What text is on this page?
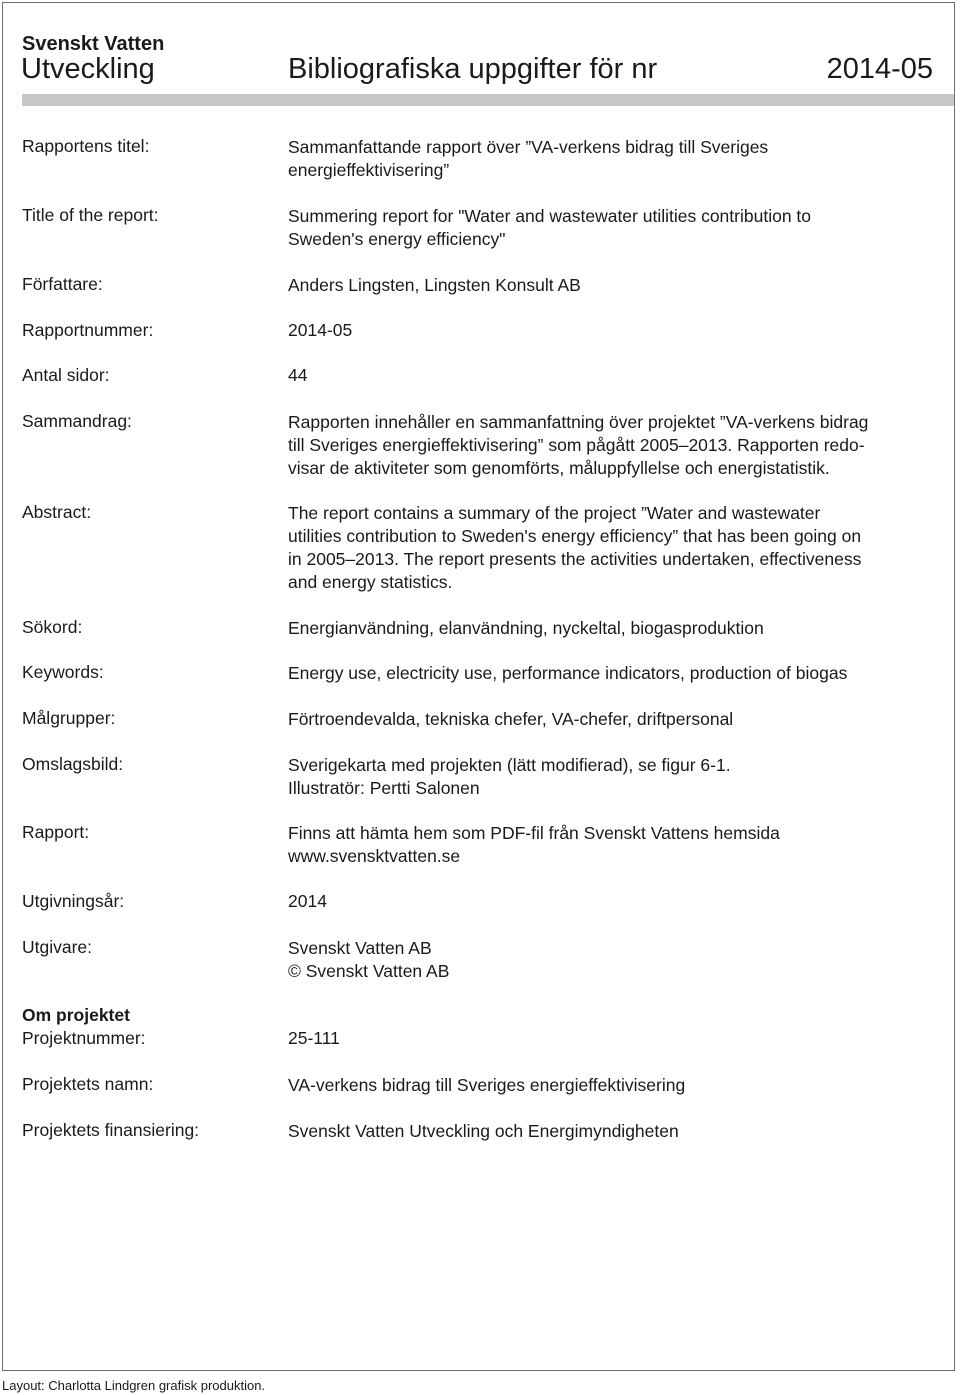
Svenskt Vatten
Utveckling	Bibliografiska uppgifter för nr	2014-05
Rapportens titel:	Sammanfattande rapport över ”VA-verkens bidrag till Sveriges
energieffektivisering”
Title of the report:	Summering report for "Water and wastewater utilities contribution to
Sweden's energy efficiency"
Författare:	Anders Lingsten, Lingsten Konsult AB
Rapportnummer:	2014-05
Antal sidor:	44
Sammandrag:	Rapporten innehåller en sammanfattning över projektet ”VA-verkens bidrag
till Sveriges energieffektivisering” som pågått 2005–2013. Rapporten redo-
visar de aktiviteter som genomförts, måluppfyllelse och energistatistik.
Abstract:	The report contains a summary of the project ”Water and wastewater
utilities contribution to Sweden's energy efficiency” that has been going on
in 2005–2013. The report presents the activities undertaken, effectiveness
and energy statistics.
Sökord:	Energianvändning, elanvändning, nyckeltal, biogasproduktion
Keywords:	Energy use, electricity use, performance indicators, production of biogas
Målgrupper:	Förtroendevalda, tekniska chefer, VA-chefer, driftpersonal
Omslagsbild:	Sverigekarta med projekten (lätt modifierad), se figur 6-1.
Illustratör: Pertti Salonen
Rapport:	Finns att hämta hem som PDF-fil från Svenskt Vattens hemsida
www.svensktvatten.se
Utgivningsår:	2014
Utgivare:	Svenskt Vatten AB
© Svenskt Vatten AB
Om projektet
Projektnummer:	25-111
Projektets namn:	VA-verkens bidrag till Sveriges energieffektivisering
Projektets finansiering:	Svenskt Vatten Utveckling och Energimyndigheten
Layout: Charlotta Lindgren grafisk produktion.
